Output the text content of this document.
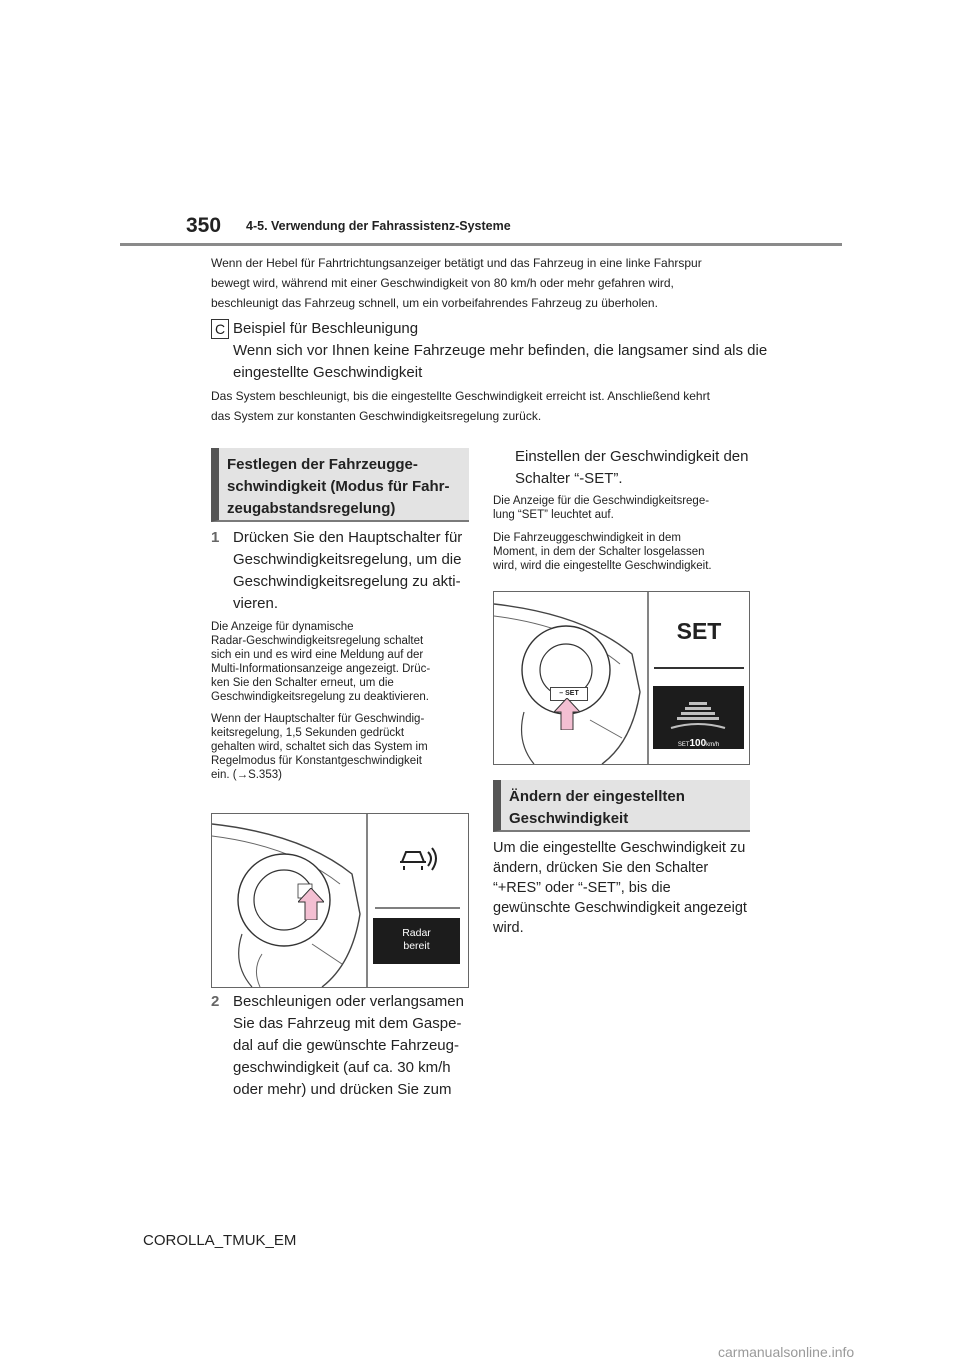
350 4-5. Verwendung der Fahrassistenz-Systeme
Wenn der Hebel für Fahrtrichtungsanzeiger betätigt und das Fahrzeug in eine linke Fahrspur
bewegt wird, während mit einer Geschwindigkeit von 80 km/h oder mehr gefahren wird,
beschleunigt das Fahrzeug schnell, um ein vorbeifahrendes Fahrzeug zu überholen.
C Beispiel für Beschleunigung
Wenn sich vor Ihnen keine Fahrzeuge mehr befinden, die langsamer sind als die
eingestellte Geschwindigkeit
Das System beschleunigt, bis die eingestellte Geschwindigkeit erreicht ist. Anschließend kehrt
das System zur konstanten Geschwindigkeitsregelung zurück.
Festlegen der Fahrzeugge-
schwindigkeit (Modus für Fahr-
zeugabstandsregelung)
1 Drücken Sie den Hauptschalter für
Geschwindigkeitsregelung, um die
Geschwindigkeitsregelung zu akti-
vieren.
Die Anzeige für dynamische
Radar-Geschwindigkeitsregelung schaltet
sich ein und es wird eine Meldung auf der
Multi-Informationsanzeige angezeigt. Drüc-
ken Sie den Schalter erneut, um die
Geschwindigkeitsregelung zu deaktivieren.
Wenn der Hauptschalter für Geschwindig-
keitsregelung, 1,5 Sekunden gedrückt
gehalten wird, schaltet sich das System im
Regelmodus für Konstantgeschwindigkeit
ein. (→S.353)
Radar
bereit
2 Beschleunigen oder verlangsamen
Sie das Fahrzeug mit dem Gaspe-
dal auf die gewünschte Fahrzeug-
geschwindigkeit (auf ca. 30 km/h
oder mehr) und drücken Sie zum
Einstellen der Geschwindigkeit den
Schalter “-SET”.
Die Anzeige für die Geschwindigkeitsrege-
lung “SET” leuchtet auf.
Die Fahrzeuggeschwindigkeit in dem
Moment, in dem der Schalter losgelassen
wird, wird die eingestellte Geschwindigkeit.
– SET
SET
SET100km/h
Ändern der eingestellten
Geschwindigkeit
Um die eingestellte Geschwindigkeit zu
ändern, drücken Sie den Schalter
“+RES” oder “-SET”, bis die
gewünschte Geschwindigkeit angezeigt
wird.
COROLLA_TMUK_EM
carmanualsonline.info
